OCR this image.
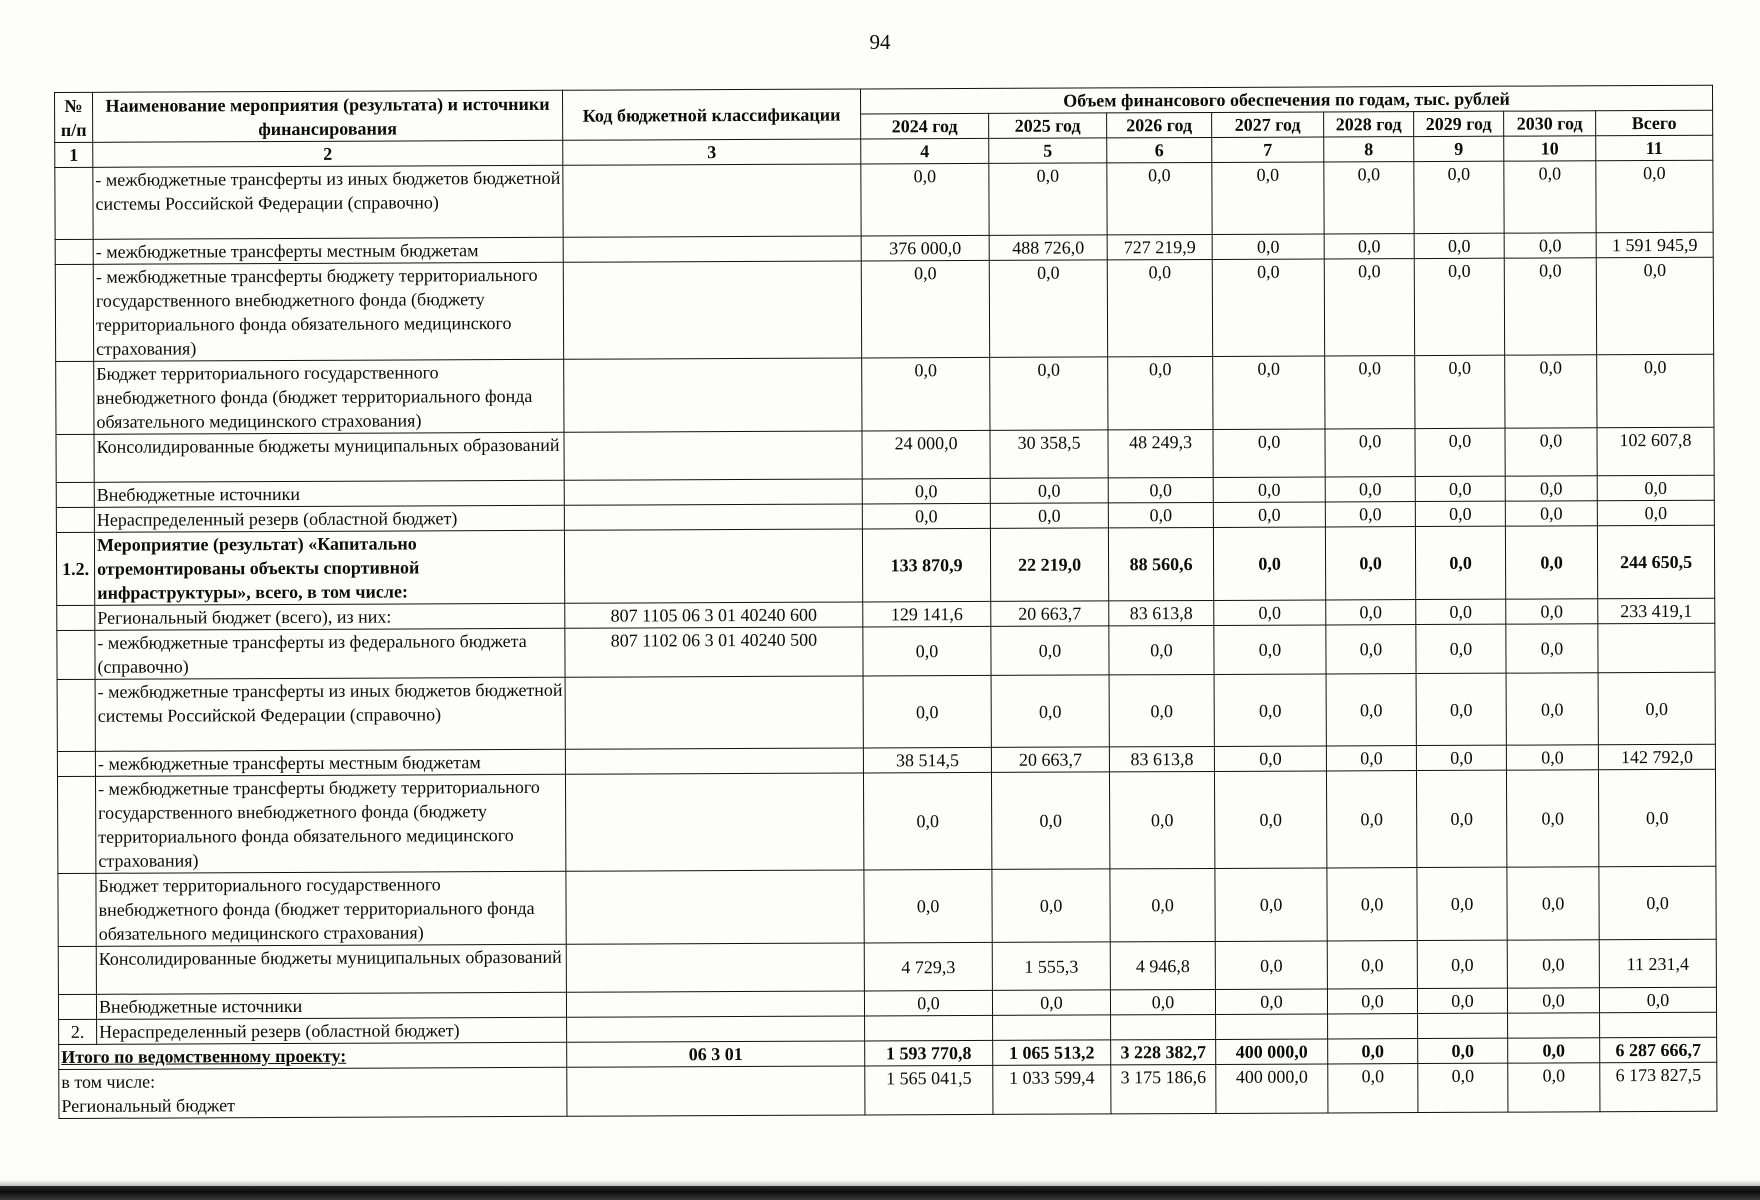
94
№
п/п	Наименование мероприятия (результата) и источники финансирования	Код бюджетной классификации	Объем финансового обеспечения по годам, тыс. рублей							
			2024 год	2025 год	2026 год	2027 год	2028 год	2029 год	2030 год	Всего
1	2	3	4	5	6	7	8	9	10	11
	- межбюджетные трансферты из иных бюджетов бюджетной системы Российской Федерации (справочно)		0,0	0,0	0,0	0,0	0,0	0,0	0,0	0,0
	- межбюджетные трансферты местным бюджетам		376 000,0	488 726,0	727 219,9	0,0	0,0	0,0	0,0	1 591 945,9
	- межбюджетные трансферты бюджету территориального государственного внебюджетного фонда (бюджету территориального фонда обязательного медицинского страхования)		0,0	0,0	0,0	0,0	0,0	0,0	0,0	0,0
	Бюджет территориального государственного внебюджетного фонда (бюджет территориального фонда обязательного медицинского страхования)		0,0	0,0	0,0	0,0	0,0	0,0	0,0	0,0
	Консолидированные бюджеты муниципальных образований		24 000,0	30 358,5	48 249,3	0,0	0,0	0,0	0,0	102 607,8
	Внебюджетные источники		0,0	0,0	0,0	0,0	0,0	0,0	0,0	0,0
	Нераспределенный резерв (областной бюджет)		0,0	0,0	0,0	0,0	0,0	0,0	0,0	0,0
1.2.	Мероприятие (результат) «Капитально отремонтированы объекты спортивной инфраструктуры», всего, в том числе:		133 870,9	22 219,0	88 560,6	0,0	0,0	0,0	0,0	244 650,5
	Региональный бюджет (всего), из них:	807 1105 06 3 01 40240 600	129 141,6	20 663,7	83 613,8	0,0	0,0	0,0	0,0	233 419,1
	- межбюджетные трансферты из федерального бюджета (справочно)	807 1102 06 3 01 40240 500	0,0	0,0	0,0	0,0	0,0	0,0	0,0	
	- межбюджетные трансферты из иных бюджетов бюджетной системы Российской Федерации (справочно)		0,0	0,0	0,0	0,0	0,0	0,0	0,0	0,0
	- межбюджетные трансферты местным бюджетам		38 514,5	20 663,7	83 613,8	0,0	0,0	0,0	0,0	142 792,0
	- межбюджетные трансферты бюджету территориального государственного внебюджетного фонда (бюджету территориального фонда обязательного медицинского страхования)		0,0	0,0	0,0	0,0	0,0	0,0	0,0	0,0
	Бюджет территориального государственного внебюджетного фонда (бюджет территориального фонда обязательного медицинского страхования)		0,0	0,0	0,0	0,0	0,0	0,0	0,0	0,0
	Консолидированные бюджеты муниципальных образований		4 729,3	1 555,3	4 946,8	0,0	0,0	0,0	0,0	11 231,4
	Внебюджетные источники		0,0	0,0	0,0	0,0	0,0	0,0	0,0	0,0
2.	Нераспределенный резерв (областной бюджет)									
Итого по ведомственному проекту:		06 3 01	1 593 770,8	1 065 513,2	3 228 382,7	400 000,0	0,0	0,0	0,0	6 287 666,7

в том числе:
Региональный бюджет			1 565 041,5	1 033 599,4	3 175 186,6	400 000,0	0,0	0,0	0,0	6 173 827,5
